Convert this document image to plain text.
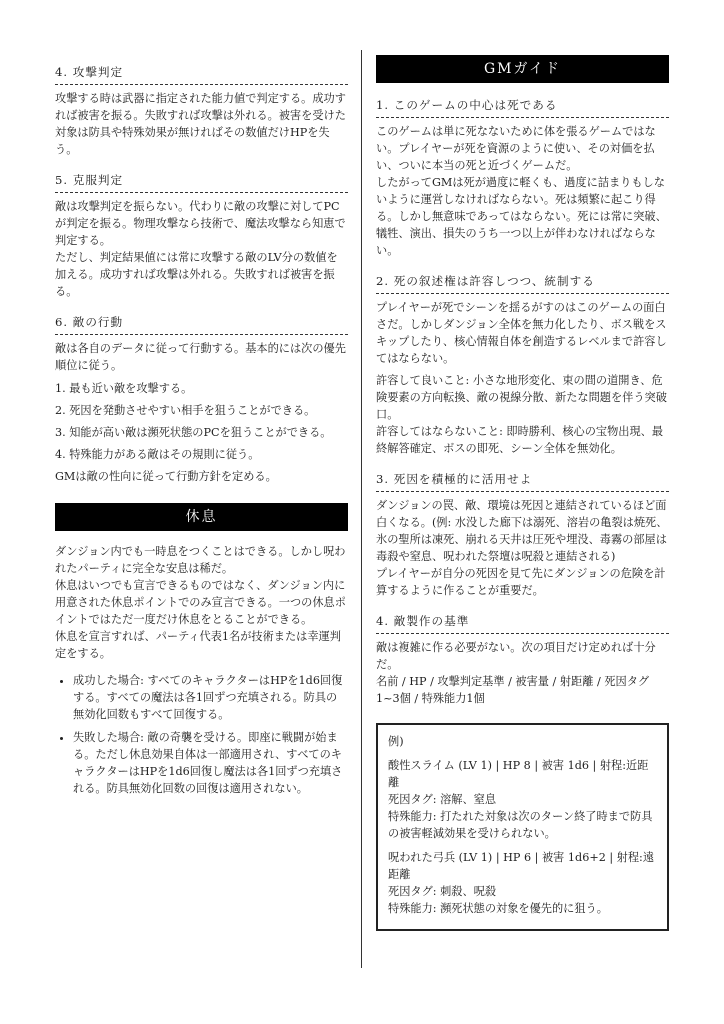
4. 攻撃判定

攻撃する時は武器に指定された能力値で判定する。成功すれば被害を振る。失敗すれば攻撃は外れる。被害を受けた対象は防具や特殊効果が無ければその数値だけHPを失う。

5. 克服判定

敵は攻撃判定を振らない。代わりに敵の攻撃に対してPCが判定を振る。物理攻撃なら技術で、魔法攻撃なら知恵で判定する。

ただし、判定結果値には常に攻撃する敵のLV分の数値を加える。成功すれば攻撃は外れる。失敗すれば被害を振る。

6. 敵の行動

敵は各自のデータに従って行動する。基本的には次の優先順位に従う。

1. 最も近い敵を攻撃する。
2. 死因を発動させやすい相手を狙うことができる。
3. 知能が高い敵は瀕死状態のPCを狙うことができる。
4. 特殊能力がある敵はその規則に従う。

GMは敵の性向に従って行動方針を定める。

休息

ダンジョン内でも一時息をつくことはできる。しかし呪われたパーティに完全な安息は稀だ。

休息はいつでも宣言できるものではなく、ダンジョン内に用意された休息ポイントでのみ宣言できる。一つの休息ポイントではただ一度だけ休息をとることができる。

休息を宣言すれば、パーティ代表1名が技術または幸運判定をする。

• 成功した場合: すべてのキャラクターはHPを1d6回復する。すべての魔法は各1回ずつ充填される。防具の無効化回数もすべて回復する。
• 失敗した場合: 敵の奇襲を受ける。即座に戦闘が始まる。ただし休息効果自体は一部適用され、すべてのキャラクターはHPを1d6回復し魔法は各1回ずつ充填される。防具無効化回数の回復は適用されない。
GMガイド
1. このゲームの中心は死である

このゲームは単に死なないために体を張るゲームではない。プレイヤーが死を資源のように使い、その対価を払い、ついに本当の死と近づくゲームだ。

したがってGMは死が過度に軽くも、過度に詰まりもしないように運営しなければならない。死は頻繁に起こり得る。しかし無意味であってはならない。死には常に突破、犠牲、演出、損失のうち一つ以上が伴わなければならない。

2. 死の叙述権は許容しつつ、統制する

プレイヤーが死でシーンを揺るがすのはこのゲームの面白さだ。しかしダンジョン全体を無力化したり、ボス戦をスキップしたり、核心情報自体を創造するレベルまで許容してはならない。

許容して良いこと: 小さな地形変化、束の間の道開き、危険要素の方向転換、敵の視線分散、新たな問題を伴う突破口。

許容してはならないこと: 即時勝利、核心の宝物出現、最終解答確定、ボスの即死、シーン全体を無効化。

3. 死因を積極的に活用せよ

ダンジョンの罠、敵、環境は死因と連結されているほど面白くなる。(例: 水没した廊下は溺死、溶岩の亀裂は焼死、氷の聖所は凍死、崩れる天井は圧死や埋没、毒霧の部屋は毒殺や窒息、呪われた祭壇は呪殺と連結される)

プレイヤーが自分の死因を見て先にダンジョンの危険を計算するように作ることが重要だ。

4. 敵製作の基準

敵は複雑に作る必要がない。次の項目だけ定めれば十分だ。

名前 / HP / 攻撃判定基準 / 被害量 / 射距離 / 死因タグ1~3個 / 特殊能力1個

例)

酸性スライム (LV 1) | HP 8 | 被害 1d6 | 射程:近距離

死因タグ: 溶解、窒息

特殊能力: 打たれた対象は次のターン終了時まで防具の被害軽減効果を受けられない。

呪われた弓兵 (LV 1) | HP 6 | 被害 1d6+2 | 射程:遠距離

死因タグ: 刺殺、呪殺

特殊能力: 瀕死状態の対象を優先的に狙う。
